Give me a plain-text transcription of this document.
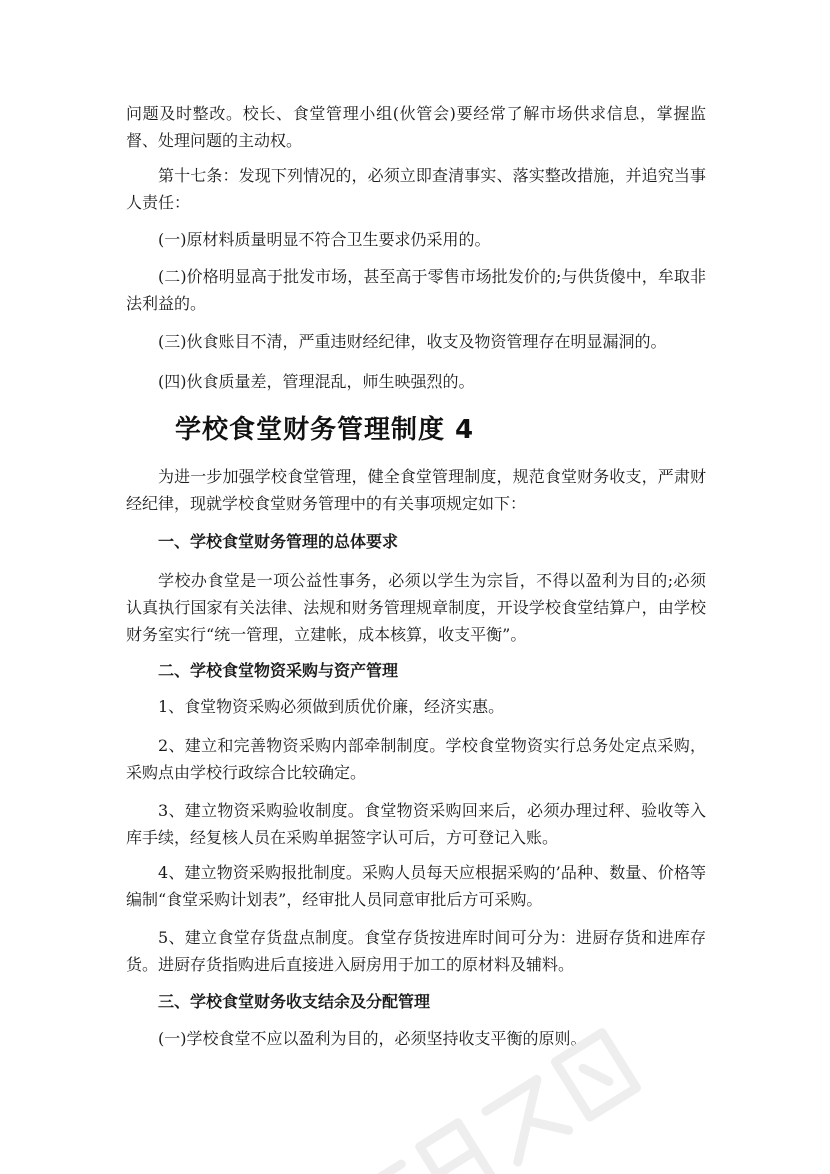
问题及时整改。校长、食堂管理小组(伙管会)要经常了解市场供求信息，掌握监督、处理问题的主动权。

第十七条：发现下列情况的，必须立即查清事实、落实整改措施，并追究当事人责任：

(一)原材料质量明显不符合卫生要求仍采用的。

(二)价格明显高于批发市场，甚至高于零售市场批发价的;与供货傻中，牟取非法利益的。

(三)伙食账目不清，严重违财经纪律，收支及物资管理存在明显漏洞的。

(四)伙食质量差，管理混乱，师生映强烈的。

学校食堂财务管理制度 4

为进一步加强学校食堂管理，健全食堂管理制度，规范食堂财务收支，严肃财经纪律，现就学校食堂财务管理中的有关事项规定如下：

一、学校食堂财务管理的总体要求

学校办食堂是一项公益性事务，必须以学生为宗旨，不得以盈利为目的;必须认真执行国家有关法律、法规和财务管理规章制度，开设学校食堂结算户，由学校财务室实行“统一管理，立建帐，成本核算，收支平衡”。

二、学校食堂物资采购与资产管理

1、食堂物资采购必须做到质优价廉，经济实惠。

2、建立和完善物资采购内部牵制制度。学校食堂物资实行总务处定点采购，采购点由学校行政综合比较确定。

3、建立物资采购验收制度。食堂物资采购回来后，必须办理过秤、验收等入库手续，经复核人员在采购单据签字认可后，方可登记入账。

4、建立物资采购报批制度。采购人员每天应根据采购的’品种、数量、价格等编制“食堂采购计划表”，经审批人员同意审批后方可采购。

5、建立食堂存货盘点制度。食堂存货按进库时间可分为：进厨存货和进库存货。进厨存货指购进后直接进入厨房用于加工的原材料及辅料。

三、学校食堂财务收支结余及分配管理

(一)学校食堂不应以盈利为目的，必须坚持收支平衡的原则。
